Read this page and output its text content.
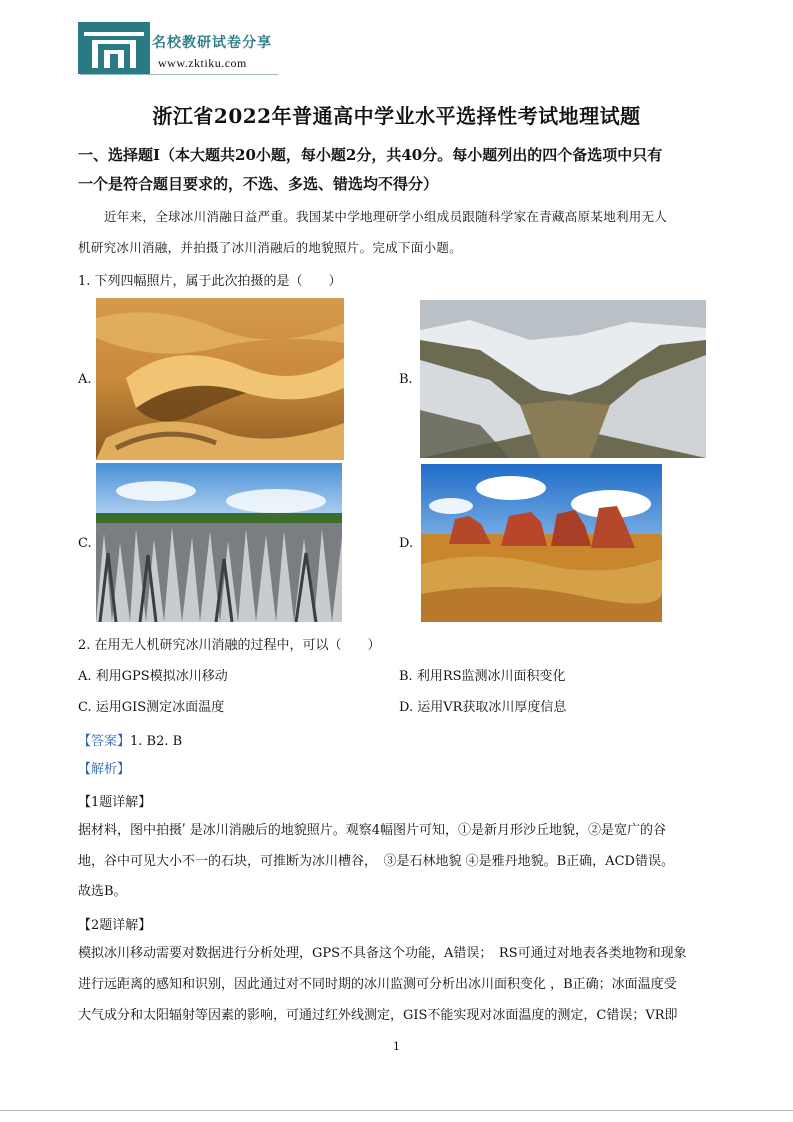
名校教研试卷分享
www.zktiku.com
浙江省2022年普通高中学业水平选择性考试地理试题
一、选择题Ⅰ（本大题共20小题，每小题2分，共40分。每小题列出的四个备选项中只有
一个是符合题目要求的，不选、多选、错选均不得分）
近年来，全球冰川消融日益严重。我国某中学地理研学小组成员跟随科学家在青藏高原某地利用无人
机研究冰川消融，并拍摄了冰川消融后的地貌照片。完成下面小题。
1. 下列四幅照片，属于此次拍摄的是（　　）
A.	B.
C.	D.
2. 在用无人机研究冰川消融的过程中，可以（　　）
A. 利用GPS模拟冰川移动	B. 利用RS监测冰川面积变化
C. 运用GIS测定冰面温度	D. 运用VR获取冰川厚度信息
【答案】1. B2. B
【解析】
【1题详解】
据材料，图中拍摄ʹ 是冰川消融后的地貌照片。观察4幅图片可知，①是新月形沙丘地貌，②是宽广的谷
地，谷中可见大小不一的石块，可推断为冰川槽谷，　③是石林地貌 ④是雅丹地貌。B正确，ACD错误。
故选B。
【2题详解】
模拟冰川移动需要对数据进行分析处理，GPS不具备这个功能，A错误；　RS可通过对地表各类地物和现象
进行远距离的感知和识别，因此通过对不同时期的冰川监测可分析出冰川面积变化 ，B正确；冰面温度受
大气成分和太阳辐射等因素的影响，可通过红外线测定，GIS不能实现对冰面温度的测定，C错误；VR即
1
